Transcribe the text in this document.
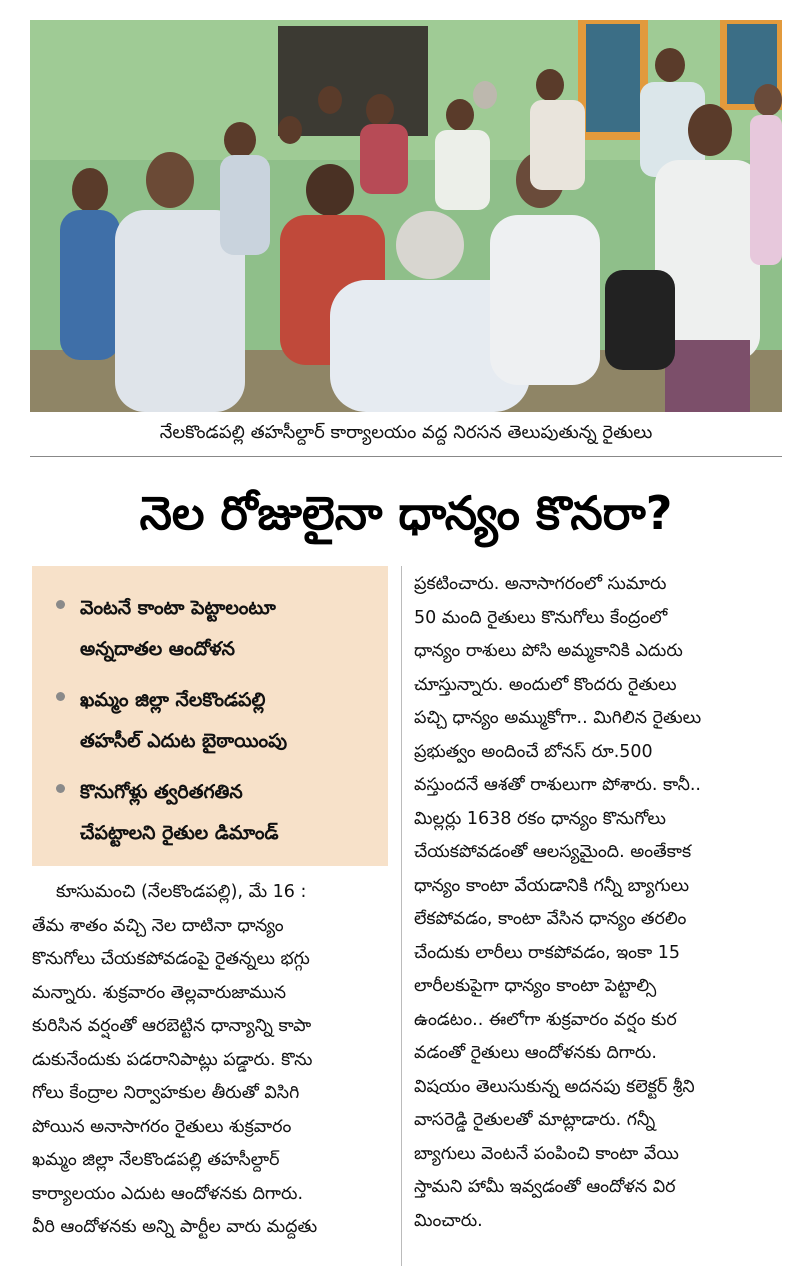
నేలకొండపల్లి తహసీల్దార్ కార్యాలయం వద్ద నిరసన తెలుపుతున్న రైతులు
నెల రోజులైనా ధాన్యం కొనరా?
వెంటనే కాంటా పెట్టాలంటూ
అన్నదాతల ఆందోళన
ఖమ్మం జిల్లా నేలకొండపల్లి
తహసీల్ ఎదుట బైఠాయింపు
కొనుగోళ్లు త్వరితగతిన
చేపట్టాలని రైతుల డిమాండ్
కూసుమంచి (నేలకొండపల్లి), మే 16 :
తేమ శాతం వచ్చి నెల దాటినా ధాన్యం
కొనుగోలు చేయకపోవడంపై రైతన్నలు భగ్గు
మన్నారు. శుక్రవారం తెల్లవారుజామున
కురిసిన వర్షంతో ఆరబెట్టిన ధాన్యాన్ని కాపా
డుకునేందుకు పడరానిపాట్లు పడ్డారు. కొను
గోలు కేంద్రాల నిర్వాహకుల తీరుతో విసిగి
పోయిన అనాసాగరం రైతులు శుక్రవారం
ఖమ్మం జిల్లా నేలకొండపల్లి తహసీల్దార్
కార్యాలయం ఎదుట ఆందోళనకు దిగారు.
వీరి ఆందోళనకు అన్ని పార్టీల వారు మద్దతు
ప్రకటించారు. అనాసాగరంలో సుమారు
50 మంది రైతులు కొనుగోలు కేంద్రంలో
ధాన్యం రాశులు పోసి అమ్మకానికి ఎదురు
చూస్తున్నారు. అందులో కొందరు రైతులు
పచ్చి ధాన్యం అమ్ముకోగా.. మిగిలిన రైతులు
ప్రభుత్వం అందించే బోనస్ రూ.500
వస్తుందనే ఆశతో రాశులుగా పోశారు. కానీ..
మిల్లర్లు 1638 రకం ధాన్యం కొనుగోలు
చేయకపోవడంతో ఆలస్యమైంది. అంతేకాక
ధాన్యం కాంటా వేయడానికి గన్నీ బ్యాగులు
లేకపోవడం, కాంటా వేసిన ధాన్యం తరలిం
చేందుకు లారీలు రాకపోవడం, ఇంకా 15
లారీలకుపైగా ధాన్యం కాంటా పెట్టాల్సి
ఉండటం.. ఈలోగా శుక్రవారం వర్షం కుర
వడంతో రైతులు ఆందోళనకు దిగారు.
విషయం తెలుసుకున్న అదనపు కలెక్టర్ శ్రీని
వాసరెడ్డి రైతులతో మాట్లాడారు. గన్నీ
బ్యాగులు వెంటనే పంపించి కాంటా వేయి
స్తామని హామీ ఇవ్వడంతో ఆందోళన విర
మించారు.
